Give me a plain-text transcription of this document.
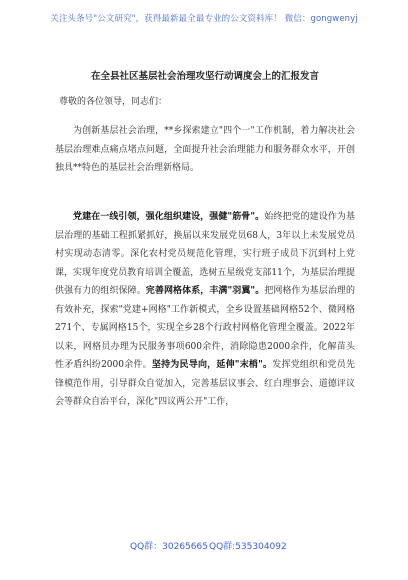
关注头条号"公文研究"，获得最新最全最专业的公文资料库！ 微信：gongwenyj
在全县社区基层社会治理攻坚行动调度会上的汇报发言
尊敬的各位领导，同志们：

为创新基层社会治理，**乡探索建立"四个一"工作机制，着力解决社会基层治理难点痛点堵点问题，全面提升社会治理能力和服务群众水平，开创独具**特色的基层社会治理新格局。

党建在一线引领，强化组织建设，强健"筋骨"。始终把党的建设作为基层治理的基础工程抓紧抓好，换届以来发展党员68人，3年以上未发展党员村实现动态清零。深化农村党员规范化管理，实行班子成员下沉到村上党课，实现年度党员教育培训全覆盖，选树五星级党支部11个，为基层治理提供强有力的组织保障。完善网格体系，丰满"羽翼"。把网格作为基层治理的有效补充，探索"党建+网格"工作新模式，全乡设置基础网格52个、微网格271个、专属网格15个，实现全乡28个行政村网格化管理全覆盖。2022年以来，网格员办理为民服务事项600余件，消除隐患2000余件，化解苗头性矛盾纠纷2000余件。坚持为民导向，延伸"末梢"。发挥党组织和党员先锋模范作用，引导群众自觉加入，完善基层议事会、红白理事会、道德评议会等群众自治平台，深化"四议两公开"工作，

QQ群：30265665 QQ群:535304092
